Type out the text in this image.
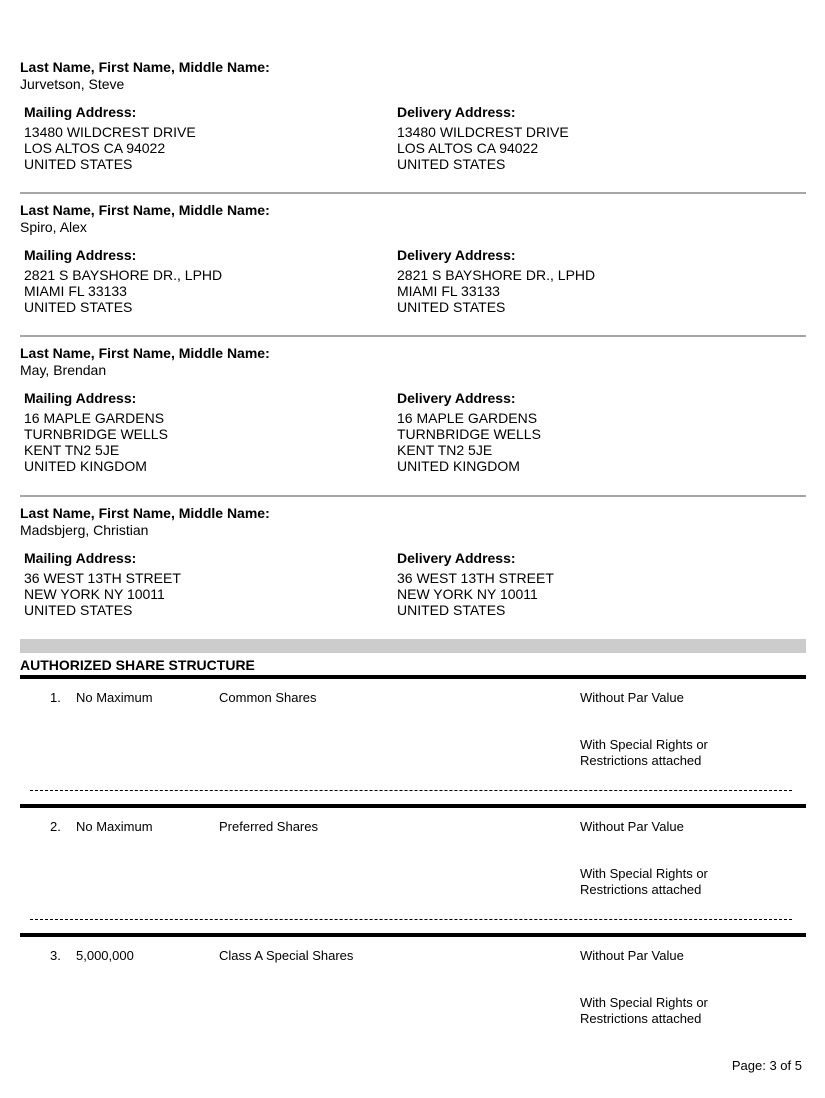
Last Name, First Name, Middle Name:
Jurvetson, Steve
Mailing Address:
13480 WILDCREST DRIVE
LOS ALTOS CA 94022
UNITED STATES
Delivery Address:
13480 WILDCREST DRIVE
LOS ALTOS CA 94022
UNITED STATES
Last Name, First Name, Middle Name:
Spiro, Alex
Mailing Address:
2821 S BAYSHORE DR., LPHD
MIAMI FL 33133
UNITED STATES
Delivery Address:
2821 S BAYSHORE DR., LPHD
MIAMI FL 33133
UNITED STATES
Last Name, First Name, Middle Name:
May, Brendan
Mailing Address:
16 MAPLE GARDENS
TURNBRIDGE WELLS
KENT TN2 5JE
UNITED KINGDOM
Delivery Address:
16 MAPLE GARDENS
TURNBRIDGE WELLS
KENT TN2 5JE
UNITED KINGDOM
Last Name, First Name, Middle Name:
Madsbjerg, Christian
Mailing Address:
36 WEST 13TH STREET
NEW YORK NY 10011
UNITED STATES
Delivery Address:
36 WEST 13TH STREET
NEW YORK NY 10011
UNITED STATES
AUTHORIZED SHARE STRUCTURE
1. No Maximum	Common Shares	Without Par Value
With Special Rights or
Restrictions attached
2. No Maximum	Preferred Shares	Without Par Value
With Special Rights or
Restrictions attached
3. 5,000,000	Class A Special Shares	Without Par Value
With Special Rights or
Restrictions attached
Page: 3 of 5
